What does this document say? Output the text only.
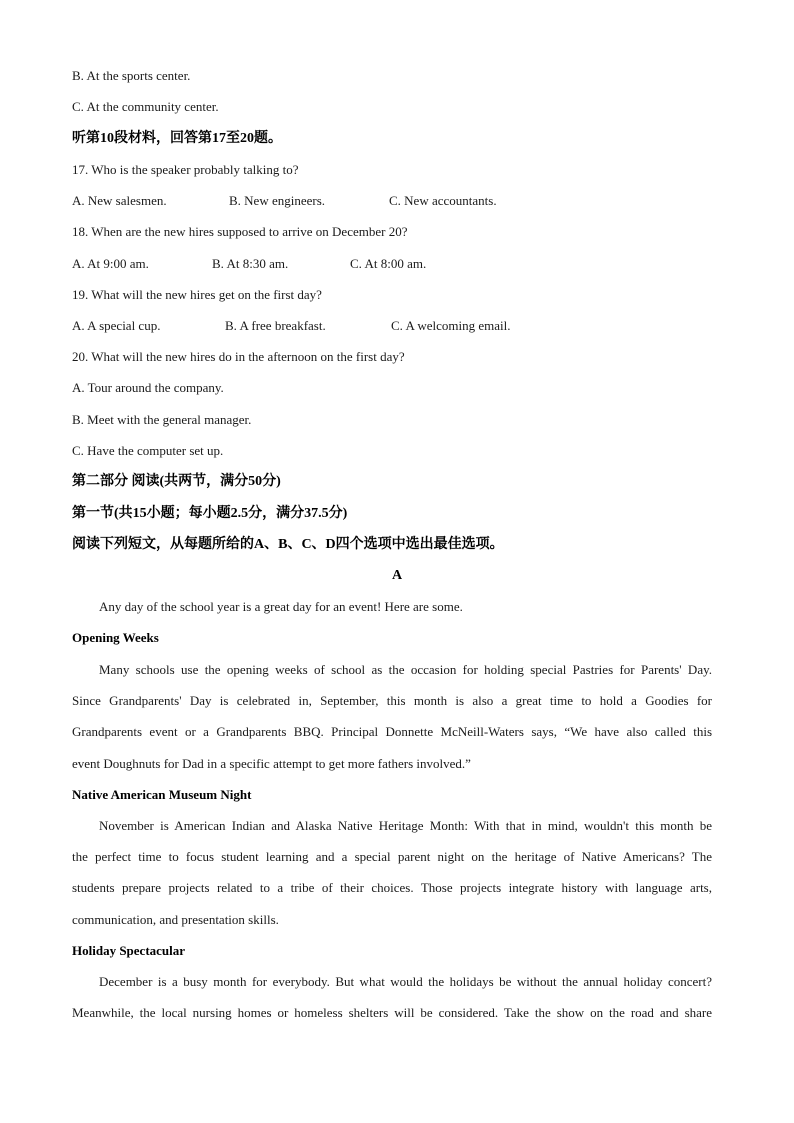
B. At the sports center.
C. At the community center.
听第10段材料，回答第17至20题。
17. Who is the speaker probably talking to?
A. New salesmen.	B. New engineers.	C. New accountants.
18. When are the new hires supposed to arrive on December 20?
A. At 9:00 am.	B. At 8:30 am.	C. At 8:00 am.
19. What will the new hires get on the first day?
A. A special cup.	B. A free breakfast.	C. A welcoming email.
20. What will the new hires do in the afternoon on the first day?
A. Tour around the company.
B. Meet with the general manager.
C. Have the computer set up.
第二部分 阅读(共两节，满分50分)
第一节(共15小题；每小题2.5分，满分37.5分)
阅读下列短文，从每题所给的A、B、C、D四个选项中选出最佳选项。
A
Any day of the school year is a great day for an event! Here are some.
Opening Weeks
Many schools use the opening weeks of school as the occasion for holding special Pastries for Parents' Day.
Since Grandparents' Day is celebrated in, September, this month is also a great time to hold a Goodies for
Grandparents event or a Grandparents BBQ. Principal Donnette McNeill-Waters says, “We have also called this
event Doughnuts for Dad in a specific attempt to get more fathers involved.”
Native American Museum Night
November is American Indian and Alaska Native Heritage Month: With that in mind, wouldn't this month be
the perfect time to focus student learning and a special parent night on the heritage of Native Americans? The
students prepare projects related to a tribe of their choices. Those projects integrate history with language arts,
communication, and presentation skills.
Holiday Spectacular
December is a busy month for everybody. But what would the holidays be without the annual holiday concert?
Meanwhile, the local nursing homes or homeless shelters will be considered. Take the show on the road and share
